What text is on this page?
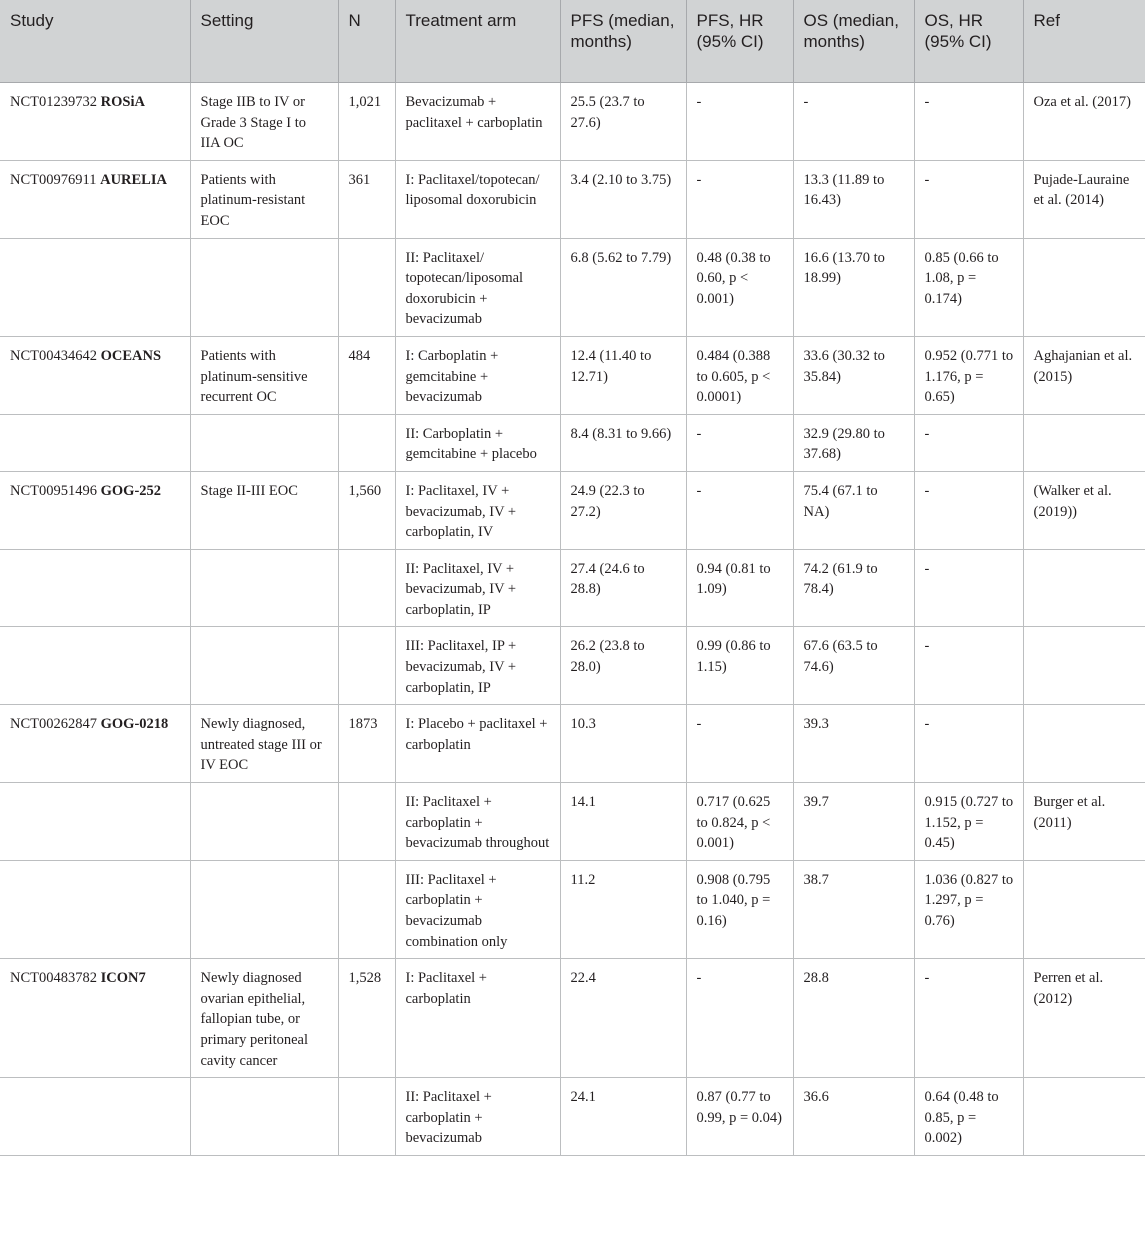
Study	Setting	N	Treatment arm	PFS (median, months)	PFS, HR (95% CI)	OS (median, months)	OS, HR (95% CI)	Ref
NCT01239732 ROSiA	Stage IIB to IV or Grade 3 Stage I to IIA OC	1,021	Bevacizumab + paclitaxel + carboplatin	25.5 (23.7 to 27.6)	-	-	-	Oza et al. (2017)
NCT00976911 AURELIA	Patients with platinum-resistant EOC	361	I: Paclitaxel/topotecan/ liposomal doxorubicin	3.4 (2.10 to 3.75)	-	13.3 (11.89 to 16.43)	-	Pujade-Lauraine et al. (2014)
			II: Paclitaxel/ topotecan/liposomal doxorubicin + bevacizumab	6.8 (5.62 to 7.79)	0.48 (0.38 to 0.60, p < 0.001)	16.6 (13.70 to 18.99)	0.85 (0.66 to 1.08, p = 0.174)	
NCT00434642 OCEANS	Patients with platinum-sensitive recurrent OC	484	I: Carboplatin + gemcitabine + bevacizumab	12.4 (11.40 to 12.71)	0.484 (0.388 to 0.605, p < 0.0001)	33.6 (30.32 to 35.84)	0.952 (0.771 to 1.176, p = 0.65)	Aghajanian et al. (2015)
			II: Carboplatin + gemcitabine + placebo	8.4 (8.31 to 9.66)	-	32.9 (29.80 to 37.68)	-	
NCT00951496 GOG-252	Stage II-III EOC	1,560	I: Paclitaxel, IV + bevacizumab, IV + carboplatin, IV	24.9 (22.3 to 27.2)	-	75.4 (67.1 to NA)	-	(Walker et al. (2019))
			II: Paclitaxel, IV + bevacizumab, IV + carboplatin, IP	27.4 (24.6 to 28.8)	0.94 (0.81 to 1.09)	74.2 (61.9 to 78.4)	-	
			III: Paclitaxel, IP + bevacizumab, IV + carboplatin, IP	26.2 (23.8 to 28.0)	0.99 (0.86 to 1.15)	67.6 (63.5 to 74.6)	-	
NCT00262847 GOG-0218	Newly diagnosed, untreated stage III or IV EOC	1873	I: Placebo + paclitaxel + carboplatin	10.3	-	39.3	-	
			II: Paclitaxel + carboplatin + bevacizumab throughout	14.1	0.717 (0.625 to 0.824, p < 0.001)	39.7	0.915 (0.727 to 1.152, p = 0.45)	Burger et al. (2011)
			III: Paclitaxel + carboplatin + bevacizumab combination only	11.2	0.908 (0.795 to 1.040, p = 0.16)	38.7	1.036 (0.827 to 1.297, p = 0.76)	
NCT00483782 ICON7	Newly diagnosed ovarian epithelial, fallopian tube, or primary peritoneal cavity cancer	1,528	I: Paclitaxel + carboplatin	22.4	-	28.8	-	Perren et al. (2012)
			II: Paclitaxel + carboplatin + bevacizumab	24.1	0.87 (0.77 to 0.99, p = 0.04)	36.6	0.64 (0.48 to 0.85, p = 0.002)	
